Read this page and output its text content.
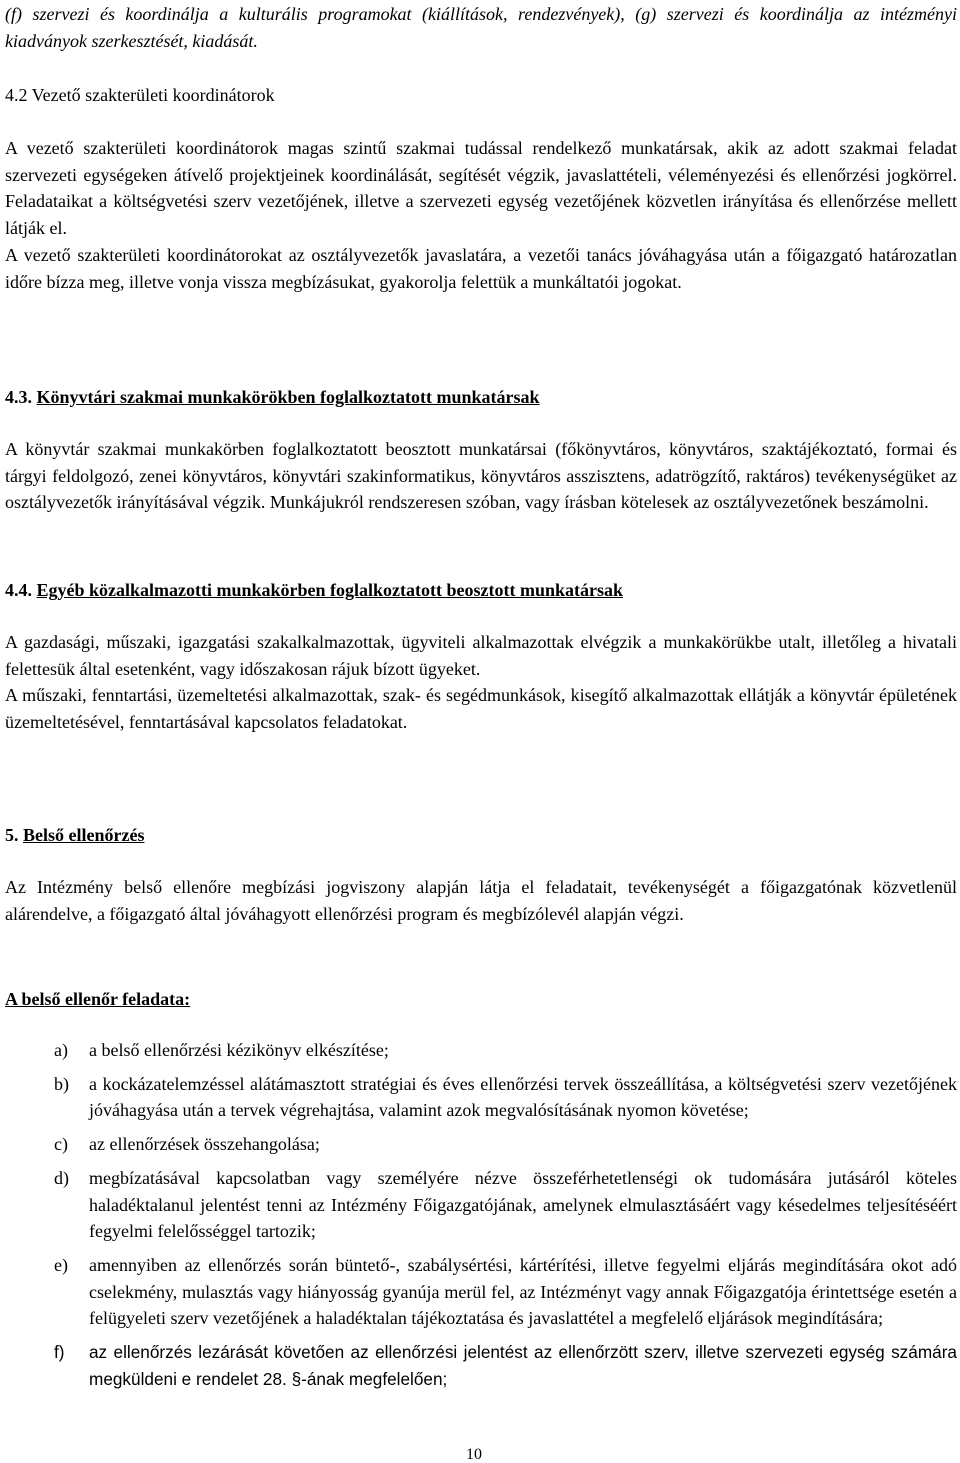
(f) szervezi és koordinálja a kulturális programokat (kiállítások, rendezvények), (g) szervezi és koordinálja az intézményi kiadványok szerkesztését, kiadását.

4.2 Vezető szakterületi koordinátorok

A vezető szakterületi koordinátorok magas szintű szakmai tudással rendelkező munkatársak, akik az adott szakmai feladat szervezeti egységeken átívelő projektjeinek koordinálását, segítését végzik, javaslattételi, véleményezési és ellenőrzési jogkörrel. Feladataikat a költségvetési szerv vezetőjének, illetve a szervezeti egység vezetőjének közvetlen irányítása és ellenőrzése mellett látják el.

A vezető szakterületi koordinátorokat az osztályvezetők javaslatára, a vezetői tanács jóváhagyása után a főigazgató határozatlan időre bízza meg, illetve vonja vissza megbízásukat, gyakorolja felettük a munkáltatói jogokat.

4.3. Könyvtári szakmai munkakörökben foglalkoztatott munkatársak

A könyvtár szakmai munkakörben foglalkoztatott beosztott munkatársai (főkönyvtáros, könyvtáros, szaktájékoztató, formai és tárgyi feldolgozó, zenei könyvtáros, könyvtári szakinformatikus, könyvtáros asszisztens, adatrögzítő, raktáros) tevékenységüket az osztályvezetők irányításával végzik. Munkájukról rendszeresen szóban, vagy írásban kötelesek az osztályvezetőnek beszámolni.

4.4. Egyéb közalkalmazotti munkakörben foglalkoztatott beosztott munkatársak

A gazdasági, műszaki, igazgatási szakalkalmazottak, ügyviteli alkalmazottak elvégzik a munkakörükbe utalt, illetőleg a hivatali felettesük által esetenként, vagy időszakosan rájuk bízott ügyeket.

A műszaki, fenntartási, üzemeltetési alkalmazottak, szak- és segédmunkások, kisegítő alkalmazottak ellátják a könyvtár épületének üzemeltetésével, fenntartásával kapcsolatos feladatokat.

5. Belső ellenőrzés

Az Intézmény belső ellenőre megbízási jogviszony alapján látja el feladatait, tevékenységét a főigazgatónak közvetlenül alárendelve, a főigazgató által jóváhagyott ellenőrzési program és megbízólevél alapján végzi.

A belső ellenőr feladata:
a) a belső ellenőrzési kézikönyv elkészítése;
b) a kockázatelemzéssel alátámasztott stratégiai és éves ellenőrzési tervek összeállítása, a költségvetési szerv vezetőjének jóváhagyása után a tervek végrehajtása, valamint azok megvalósításának nyomon követése;
c) az ellenőrzések összehangolása;
d) megbízatásával kapcsolatban vagy személyére nézve összeférhetetlenségi ok tudomására jutásáról köteles haladéktalanul jelentést tenni az Intézmény Főigazgatójának, amelynek elmulasztásáért vagy késedelmes teljesítéséért fegyelmi felelősséggel tartozik;
e) amennyiben az ellenőrzés során büntető-, szabálysértési, kártérítési, illetve fegyelmi eljárás megindítására okot adó cselekmény, mulasztás vagy hiányosság gyanúja merül fel, az Intézményt vagy annak Főigazgatója érintettsége esetén a felügyeleti szerv vezetőjének a haladéktalan tájékoztatása és javaslattétel a megfelelő eljárások megindítására;
f) az ellenőrzés lezárását követően az ellenőrzési jelentést az ellenőrzött szerv, illetve szervezeti egység számára megküldeni e rendelet 28. §-ának megfelelően;
10
